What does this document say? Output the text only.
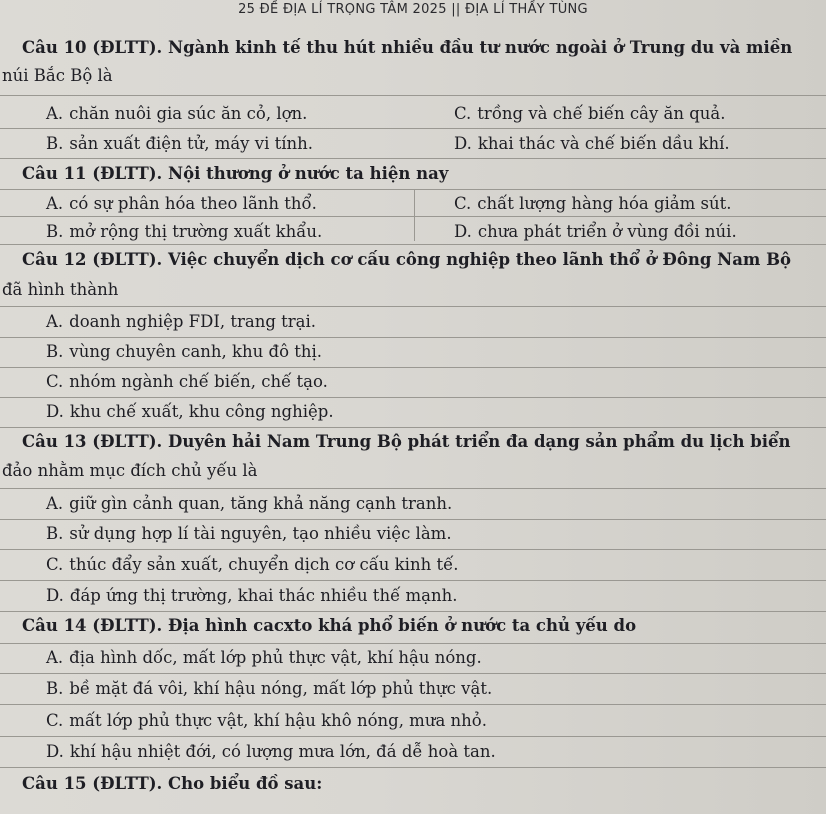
25 ĐỀ ĐỊA LÍ TRỌNG TÂM 2025 || ĐỊA LÍ THẦY TÙNG
Câu 10 (ĐLTT). Ngành kinh tế thu hút nhiều đầu tư nước ngoài ở Trung du và miền
núi Bắc Bộ là
A. chăn nuôi gia súc ăn cỏ, lợn.	C. trồng và chế biến cây ăn quả.
B. sản xuất điện tử, máy vi tính.	D. khai thác và chế biến dầu khí.
Câu 11 (ĐLTT). Nội thương ở nước ta hiện nay
A. có sự phân hóa theo lãnh thổ.	C. chất lượng hàng hóa giảm sút.
B. mở rộng thị trường xuất khẩu.	D. chưa phát triển ở vùng đồi núi.
Câu 12 (ĐLTT). Việc chuyển dịch cơ cấu công nghiệp theo lãnh thổ ở Đông Nam Bộ
đã hình thành
A. doanh nghiệp FDI, trang trại.
B. vùng chuyên canh, khu đô thị.
C. nhóm ngành chế biến, chế tạo.
D. khu chế xuất, khu công nghiệp.
Câu 13 (ĐLTT). Duyên hải Nam Trung Bộ phát triển đa dạng sản phẩm du lịch biển
đảo nhằm mục đích chủ yếu là
A. giữ gìn cảnh quan, tăng khả năng cạnh tranh.
B. sử dụng hợp lí tài nguyên, tạo nhiều việc làm.
C. thúc đẩy sản xuất, chuyển dịch cơ cấu kinh tế.
D. đáp ứng thị trường, khai thác nhiều thế mạnh.
Câu 14 (ĐLTT). Địa hình cacxto khá phổ biến ở nước ta chủ yếu do
A. địa hình dốc, mất lớp phủ thực vật, khí hậu nóng.
B. bề mặt đá vôi, khí hậu nóng, mất lớp phủ thực vật.
C. mất lớp phủ thực vật, khí hậu khô nóng, mưa nhỏ.
D. khí hậu nhiệt đới, có lượng mưa lớn, đá dễ hoà tan.
Câu 15 (ĐLTT). Cho biểu đồ sau:
